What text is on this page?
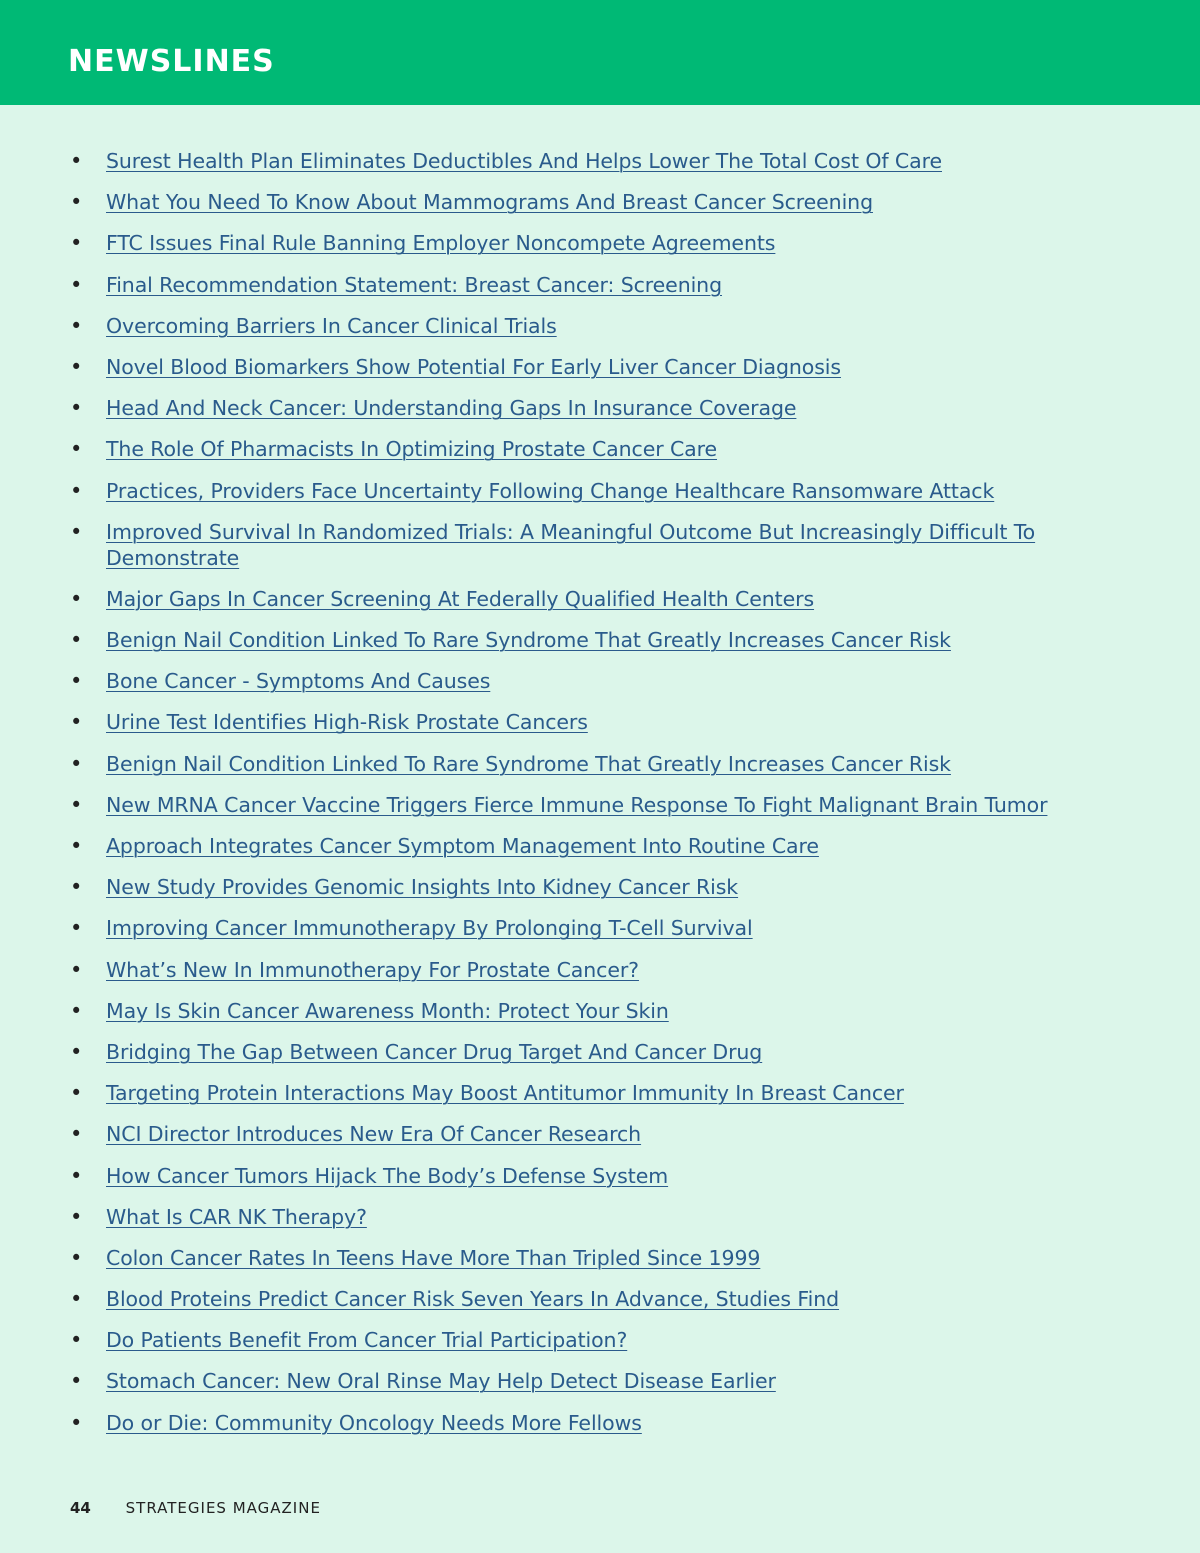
NEWSLINES
• Surest Health Plan Eliminates Deductibles And Helps Lower The Total Cost Of Care
• What You Need To Know About Mammograms And Breast Cancer Screening
• FTC Issues Final Rule Banning Employer Noncompete Agreements
• Final Recommendation Statement: Breast Cancer: Screening
• Overcoming Barriers In Cancer Clinical Trials
• Novel Blood Biomarkers Show Potential For Early Liver Cancer Diagnosis
• Head And Neck Cancer: Understanding Gaps In Insurance Coverage
• The Role Of Pharmacists In Optimizing Prostate Cancer Care
• Practices, Providers Face Uncertainty Following Change Healthcare Ransomware Attack
• Improved Survival In Randomized Trials: A Meaningful Outcome But Increasingly Difficult To Demonstrate
• Major Gaps In Cancer Screening At Federally Qualified Health Centers
• Benign Nail Condition Linked To Rare Syndrome That Greatly Increases Cancer Risk
• Bone Cancer - Symptoms And Causes
• Urine Test Identifies High-Risk Prostate Cancers
• Benign Nail Condition Linked To Rare Syndrome That Greatly Increases Cancer Risk
• New MRNA Cancer Vaccine Triggers Fierce Immune Response To Fight Malignant Brain Tumor
• Approach Integrates Cancer Symptom Management Into Routine Care
• New Study Provides Genomic Insights Into Kidney Cancer Risk
• Improving Cancer Immunotherapy By Prolonging T-Cell Survival
• What’s New In Immunotherapy For Prostate Cancer?
• May Is Skin Cancer Awareness Month: Protect Your Skin
• Bridging The Gap Between Cancer Drug Target And Cancer Drug
• Targeting Protein Interactions May Boost Antitumor Immunity In Breast Cancer
• NCI Director Introduces New Era Of Cancer Research
• How Cancer Tumors Hijack The Body’s Defense System
• What Is CAR NK Therapy?
• Colon Cancer Rates In Teens Have More Than Tripled Since 1999
• Blood Proteins Predict Cancer Risk Seven Years In Advance, Studies Find
• Do Patients Benefit From Cancer Trial Participation?
• Stomach Cancer: New Oral Rinse May Help Detect Disease Earlier
• Do or Die: Community Oncology Needs More Fellows
44 STRATEGIES MAGAZINE
